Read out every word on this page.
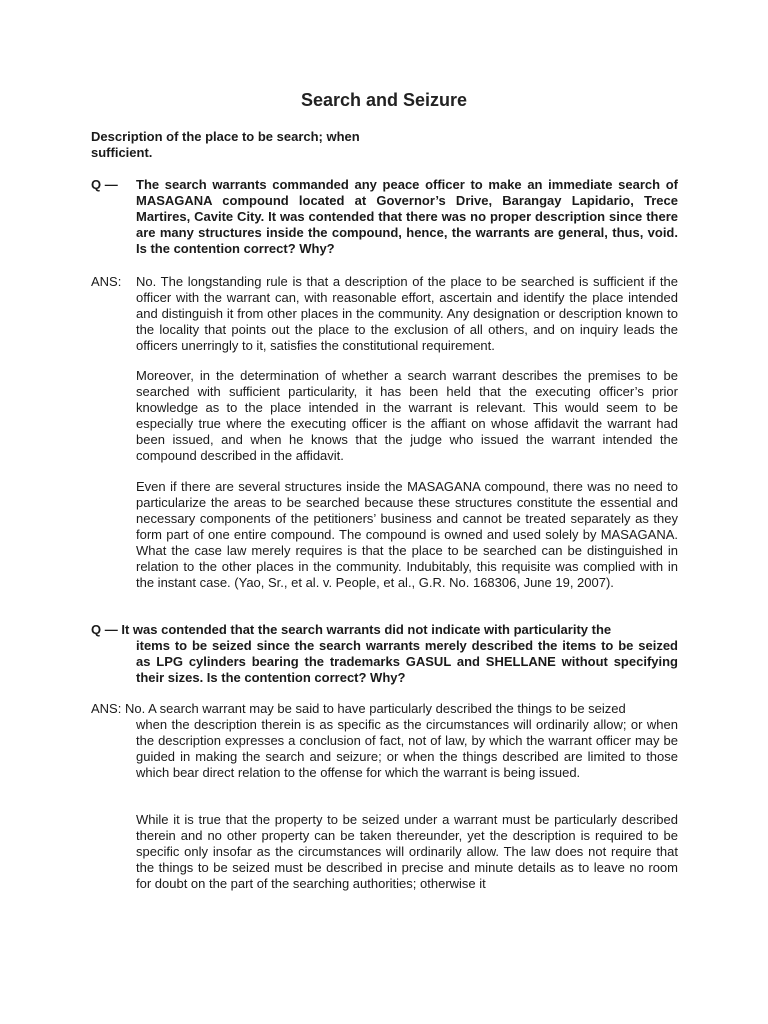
Search and Seizure
Description of the place to be search; when sufficient.
Q — The search warrants commanded any peace officer to make an immediate search of MASAGANA compound located at Governor’s Drive, Barangay Lapidario, Trece Martires, Cavite City. It was contended that there was no proper description since there are many structures inside the compound, hence, the warrants are general, thus, void. Is the contention correct? Why?
ANS: No. The longstanding rule is that a description of the place to be searched is sufficient if the officer with the warrant can, with reasonable effort, ascertain and identify the place intended and distinguish it from other places in the community. Any designation or description known to the locality that points out the place to the exclusion of all others, and on inquiry leads the officers unerringly to it, satisfies the constitutional requirement.
Moreover, in the determination of whether a search warrant describes the premises to be searched with sufficient particularity, it has been held that the executing officer’s prior knowledge as to the place intended in the warrant is relevant. This would seem to be especially true where the executing officer is the affiant on whose affidavit the warrant had been issued, and when he knows that the judge who issued the warrant intended the compound described in the affidavit.
Even if there are several structures inside the MASAGANA compound, there was no need to particularize the areas to be searched because these structures constitute the essential and necessary components of the petitioners’ business and cannot be treated separately as they form part of one entire compound. The compound is owned and used solely by MASAGANA. What the case law merely requires is that the place to be searched can be distinguished in relation to the other places in the community. Indubitably, this requisite was complied with in the instant case. (Yao, Sr., et al. v. People, et al., G.R. No. 168306, June 19, 2007).
Q — It was contended that the search warrants did not indicate with particularity the
items to be seized since the search warrants merely described the items to be seized as LPG cylinders bearing the trademarks GASUL and SHELLANE without specifying their sizes. Is the contention correct? Why?
ANS: No. A search warrant may be said to have particularly described the things to be seized
when the description therein is as specific as the circumstances will ordinarily allow; or when the description expresses a conclusion of fact, not of law, by which the warrant officer may be guided in making the search and seizure; or when the things described are limited to those which bear direct relation to the offense for which the warrant is being issued.
While it is true that the property to be seized under a warrant must be particularly described therein and no other property can be taken thereunder, yet the description is required to be specific only insofar as the circumstances will ordinarily allow. The law does not require that the things to be seized must be described in precise and minute details as to leave no room for doubt on the part of the searching authorities; otherwise it
